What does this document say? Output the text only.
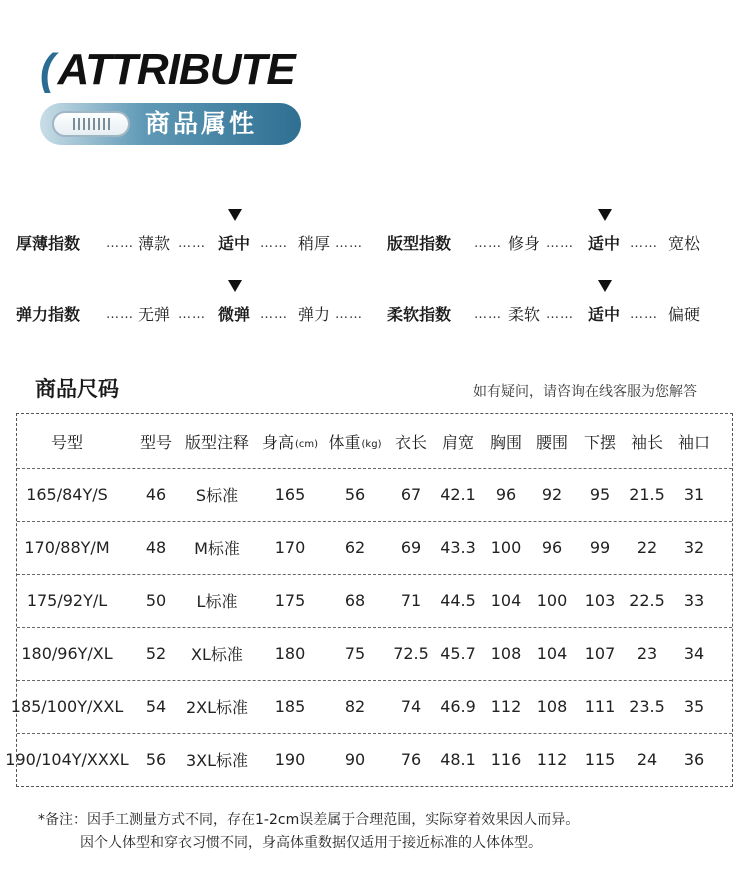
(ATTRIBUTE
商品属性
厚薄指数 …… 薄款 …… 适中 …… 稍厚 …… 版型指数 …… 修身 …… 适中 …… 宽松
弹力指数 …… 无弹 …… 微弹 …… 弹力 …… 柔软指数 …… 柔软 …… 适中 …… 偏硬
商品尺码	如有疑问，请咨询在线客服为您解答
号型	型号 版型注释 身高 (cm) 体重 (kg) 衣长 肩宽 胸围 腰围 下摆 袖长 袖口
165/84Y/S	46	S标准	165	56	67	42.1	96	92	95	21.5	31
170/88Y/M	48	M标准	170	62	69	43.3 100	96	99	22	32
175/92Y/L	50	L标准	175	68	71	44.5 104 100	103 22.5	33
180/96Y/XL	52	XL标准	180	75	72.5 45.7 108 104	107	23	34
185/100Y/XXL	54	2XL标准	185	82	74	46.9 112 108	111 23.5	35
190/104Y/XXXL	56	3XL标准	190	90	76	48.1 116 112	115	24	36
*备注：因手工测量方式不同，存在1-2cm误差属于合理范围，实际穿着效果因人而异。
因个人体型和穿衣习惯不同，身高体重数据仅适用于接近标准的人体体型。
